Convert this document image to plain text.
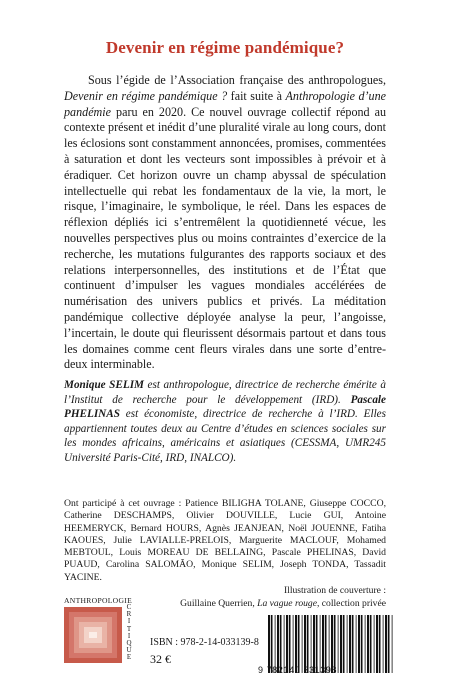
Devenir en régime pandémique?

Sous l’égide de l’Association française des anthropologues, Devenir en régime pandémique ? fait suite à Anthropologie d’une pandémie paru en 2020. Ce nouvel ouvrage collectif répond au contexte présent et inédit d’une pluralité virale au long cours, dont les éclosions sont constamment annoncées, promises, commentées à saturation et dont les vecteurs sont impossibles à prévoir et à éradiquer. Cet horizon ouvre un champ abyssal de spéculation intellectuelle qui rebat les fondamentaux de la vie, la mort, le risque, l’imaginaire, le symbolique, le réel. Dans les espaces de réflexion dépliés ici s’entremêlent la quotidienneté vécue, les nouvelles perspectives plus ou moins contraintes d’exercice de la recherche, les mutations fulgurantes des rapports sociaux et des relations interpersonnelles, des institutions et de l’État que continuent d’impulser les vagues mondiales accélérées de numérisation des univers publics et privés. La méditation pandémique collective déployée analyse la peur, l’angoisse, l’incertain, le doute qui fleurissent désormais partout et dans tous les domaines comme cent fleurs virales dans une sorte d’entre-deux interminable.

Monique SELIM est anthropologue, directrice de recherche émérite à l’Institut de recherche pour le développement (IRD). Pascale PHELINAS est économiste, directrice de recherche à l’IRD. Elles appartiennent toutes deux au Centre d’études en sciences sociales sur les mondes africains, américains et asiatiques (CESSMA, UMR245 Université Paris-Cité, IRD, INALCO).
Ont participé à cet ouvrage : Patience BILIGHA TOLANE, Giuseppe COCCO, Catherine DESCHAMPS, Olivier DOUVILLE, Lucie GUI, Antoine HEEMERYCK, Bernard HOURS, Agnès JEANJEAN, Noël JOUENNE, Fatiha KAOUES, Julie LAVIALLE-PRELOIS, Marguerite MACLOUF, Mohamed MEBTOUL, Louis MOREAU DE BELLAING, Pascale PHELINAS, David PUAUD, Carolina SALOMÃO, Monique SELIM, Joseph TONDA, Tassadit YACINE.
Illustration de couverture :
Guillaine Querrien, La vague rouge, collection privée
ANTHROPOLOGIE
C
R
I
T
I
Q
U
E
ISBN : 978-2-14-033139-8
32 €
9 782140 331398
